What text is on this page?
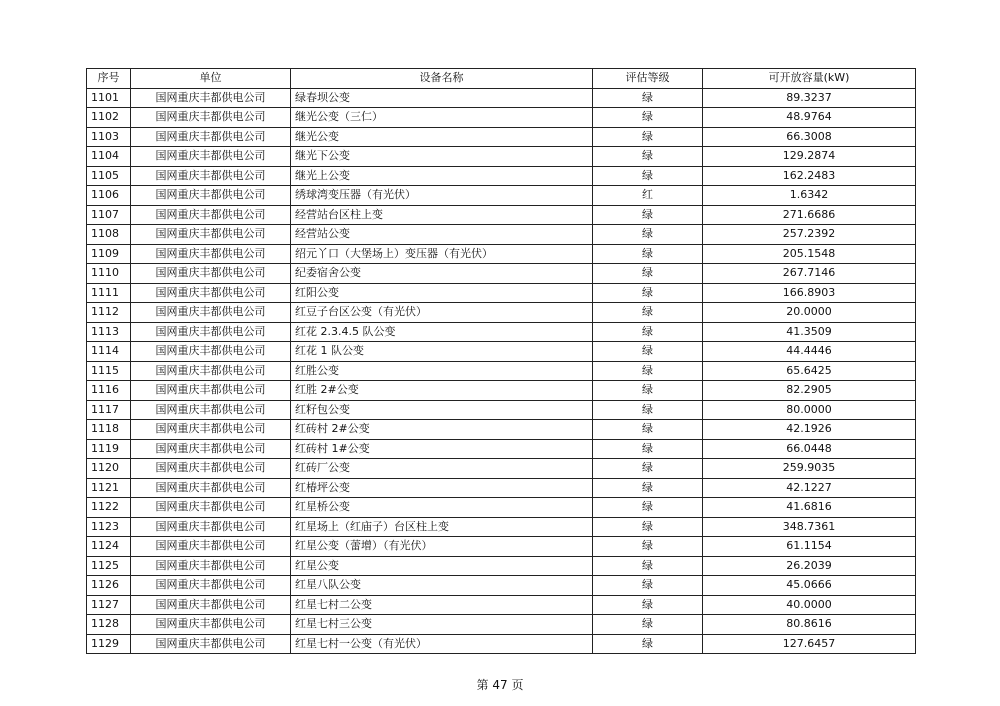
序号	单位	设备名称	评估等级	可开放容量(kW)
1101	国网重庆丰都供电公司	绿春坝公变	绿	89.3237
1102	国网重庆丰都供电公司	继光公变（三仁）	绿	48.9764
1103	国网重庆丰都供电公司	继光公变	绿	66.3008
1104	国网重庆丰都供电公司	继光下公变	绿	129.2874
1105	国网重庆丰都供电公司	继光上公变	绿	162.2483
1106	国网重庆丰都供电公司	绣球湾变压器（有光伏）	红	1.6342
1107	国网重庆丰都供电公司	经营站台区柱上变	绿	271.6686
1108	国网重庆丰都供电公司	经营站公变	绿	257.2392
1109	国网重庆丰都供电公司	绍元丫口（大堡场上）变压器（有光伏）	绿	205.1548
1110	国网重庆丰都供电公司	纪委宿舍公变	绿	267.7146
1111	国网重庆丰都供电公司	红阳公变	绿	166.8903
1112	国网重庆丰都供电公司	红豆子台区公变（有光伏）	绿	20.0000
1113	国网重庆丰都供电公司	红花 2.3.4.5 队公变	绿	41.3509
1114	国网重庆丰都供电公司	红花 1 队公变	绿	44.4446
1115	国网重庆丰都供电公司	红胜公变	绿	65.6425
1116	国网重庆丰都供电公司	红胜 2#公变	绿	82.2905
1117	国网重庆丰都供电公司	红籽包公变	绿	80.0000
1118	国网重庆丰都供电公司	红砖村 2#公变	绿	42.1926
1119	国网重庆丰都供电公司	红砖村 1#公变	绿	66.0448
1120	国网重庆丰都供电公司	红砖厂公变	绿	259.9035
1121	国网重庆丰都供电公司	红椿坪公变	绿	42.1227
1122	国网重庆丰都供电公司	红星桥公变	绿	41.6816
1123	国网重庆丰都供电公司	红星场上（红庙子）台区柱上变	绿	348.7361
1124	国网重庆丰都供电公司	红星公变（蕾增）（有光伏）	绿	61.1154
1125	国网重庆丰都供电公司	红星公变	绿	26.2039
1126	国网重庆丰都供电公司	红星八队公变	绿	45.0666
1127	国网重庆丰都供电公司	红星七村二公变	绿	40.0000
1128	国网重庆丰都供电公司	红星七村三公变	绿	80.8616
1129	国网重庆丰都供电公司	红星七村一公变（有光伏）	绿	127.6457
第 47 页
